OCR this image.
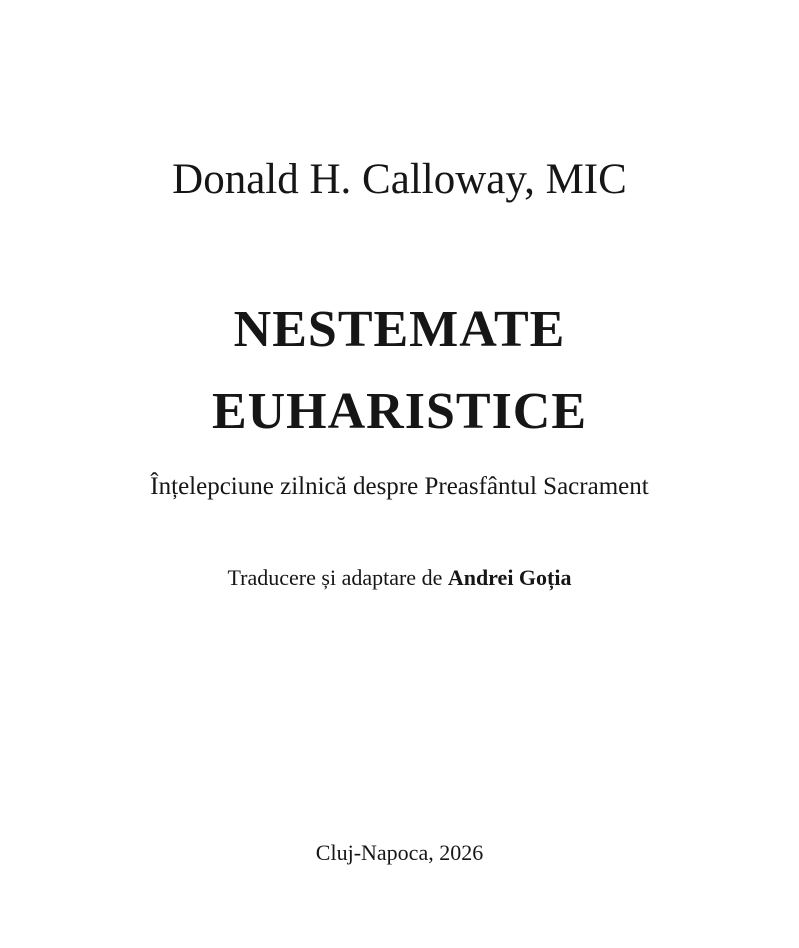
Donald H. Calloway, MIC
NESTEMATE
EUHARISTICE
Înțelepciune zilnică despre Preasfântul Sacrament
Traducere și adaptare de Andrei Goția
Cluj-Napoca, 2026
